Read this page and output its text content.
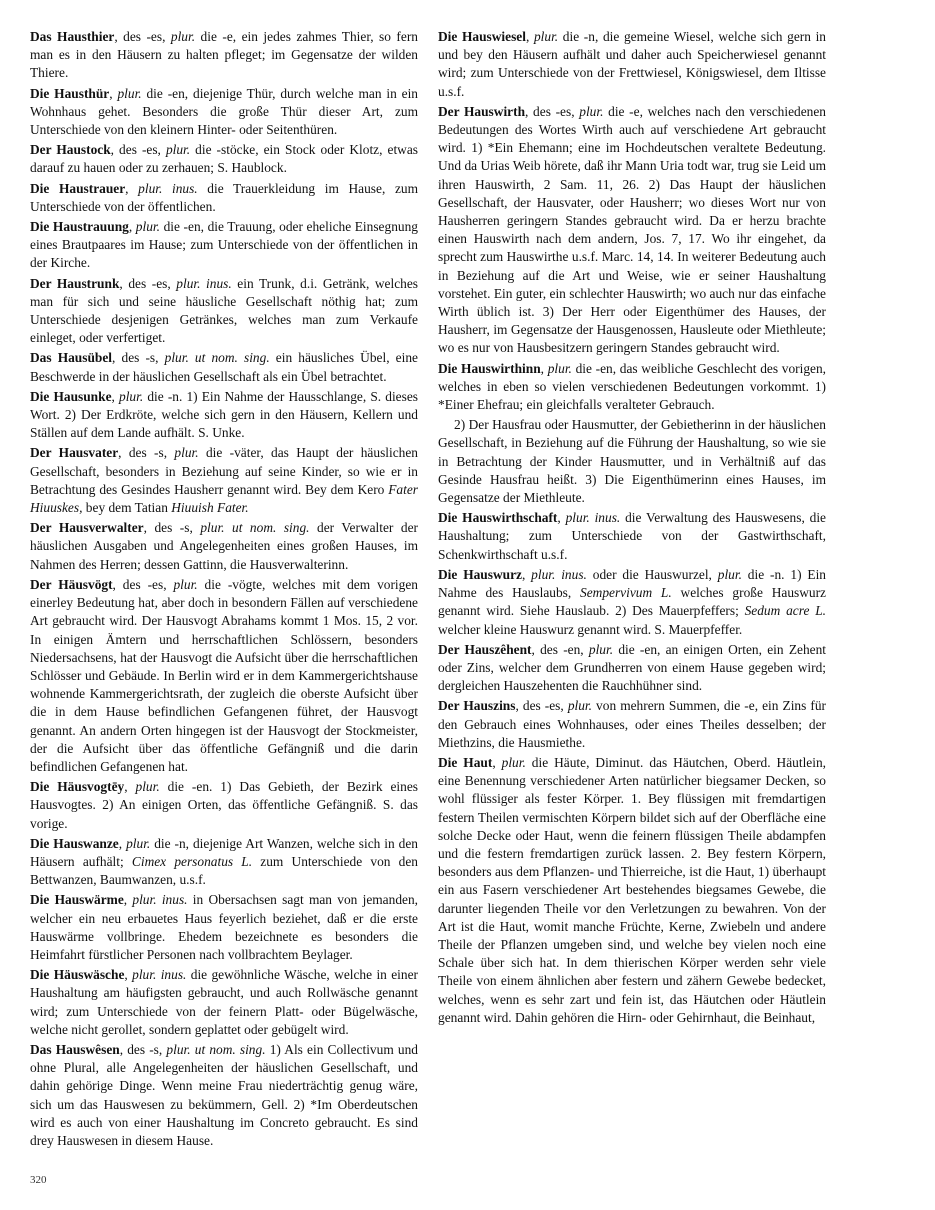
Das Hausthier, des -es, plur. die -e, ein jedes zahmes Thier, so fern man es in den Häusern zu halten pfleget; im Gegensatze der wilden Thiere.

Die Hausthür, plur. die -en, diejenige Thür, durch welche man in ein Wohnhaus gehet. Besonders die große Thür dieser Art, zum Unterschiede von den kleinern Hinter- oder Seitenthüren.

Der Haustock, des -es, plur. die -stöcke, ein Stock oder Klotz, etwas darauf zu hauen oder zu zerhauen; S. Haublock.

Die Haustrauer, plur. inus. die Trauerkleidung im Hause, zum Unterschiede von der öffentlichen.

Die Haustrauung, plur. die -en, die Trauung, oder eheliche Einsegnung eines Brautpaares im Hause; zum Unterschiede von der öffentlichen in der Kirche.

Der Haustrunk, des -es, plur. inus. ein Trunk, d.i. Getränk, welches man für sich und seine häusliche Gesellschaft nöthig hat; zum Unterschiede desjenigen Getränkes, welches man zum Verkaufe einleget, oder verfertiget.

Das Hausübel, des -s, plur. ut nom. sing. ein häusliches Übel, eine Beschwerde in der häuslichen Gesellschaft als ein Übel betrachtet.

Die Hausunke, plur. die -n. 1) Ein Nahme der Hausschlange, S. dieses Wort. 2) Der Erdkröte, welche sich gern in den Häusern, Kellern und Ställen auf dem Lande aufhält. S. Unke.

Der Hausvater, des -s, plur. die -väter, das Haupt der häuslichen Gesellschaft, besonders in Beziehung auf seine Kinder, so wie er in Betrachtung des Gesindes Hausherr genannt wird. Bey dem Kero Fater Hiuuskes, bey dem Tatian Hiuuish Fater.

Der Hausverwalter, des -s, plur. ut nom. sing. der Verwalter der häuslichen Ausgaben und Angelegenheiten eines großen Hauses, im Nahmen des Herren; dessen Gattinn, die Hausverwalterinn.

Der Häusvögt, des -es, plur. die -vögte, welches mit dem vorigen einerley Bedeutung hat, aber doch in besondern Fällen auf verschiedene Art gebraucht wird. Der Hausvogt Abrahams kommt 1 Mos. 15, 2 vor. In einigen Ämtern und herrschaftlichen Schlössern, besonders Niedersachsens, hat der Hausvogt die Aufsicht über die herrschaftlichen Schlösser und Gebäude. In Berlin wird er in dem Kammergerichtshause wohnende Kammergerichtsrath, der zugleich die oberste Aufsicht über die in dem Hause befindlichen Gefangenen führet, der Hausvogt genannt. An andern Orten hingegen ist der Hausvogt der Stockmeister, der die Aufsicht über das öffentliche Gefängniß und die darin befindlichen Gefangenen hat.

Die Häusvogtēy, plur. die -en. 1) Das Gebieth, der Bezirk eines Hausvogtes. 2) An einigen Orten, das öffentliche Gefängniß. S. das vorige.

Die Hauswanze, plur. die -n, diejenige Art Wanzen, welche sich in den Häusern aufhält; Cimex personatus L. zum Unterschiede von den Bettwanzen, Baumwanzen, u.s.f.

Die Hauswärme, plur. inus. in Obersachsen sagt man von jemanden, welcher ein neu erbauetes Haus feyerlich beziehet, daß er die erste Hauswärme vollbringe. Ehedem bezeichnete es besonders die Heimfahrt fürstlicher Personen nach vollbrachtem Beylager.

Die Häuswäsche, plur. inus. die gewöhnliche Wäsche, welche in einer Haushaltung am häufigsten gebraucht, und auch Rollwäsche genannt wird; zum Unterschiede von der feinern Platt- oder Bügelwäsche, welche nicht gerollet, sondern geplattet oder gebügelt wird.

Das Hauswêsen, des -s, plur. ut nom. sing. 1) Als ein Collectivum und ohne Plural, alle Angelegenheiten der häuslichen Gesellschaft, und dahin gehörige Dinge. Wenn meine Frau niederträchtig genug wäre, sich um das Hauswesen zu bekümmern, Gell. 2) *Im Oberdeutschen wird es auch von einer Haushaltung im Concreto gebraucht. Es sind drey Hauswesen in diesem Hause.

Die Hauswiesel, plur. die -n, die gemeine Wiesel, welche sich gern in und bey den Häusern aufhält und daher auch Speicherwiesel genannt wird; zum Unterschiede von der Frettwiesel, Königswiesel, dem Iltisse u.s.f.

Der Hauswirth, des -es, plur. die -e, welches nach den verschiedenen Bedeutungen des Wortes Wirth auch auf verschiedene Art gebraucht wird. 1) *Ein Ehemann; eine im Hochdeutschen veraltete Bedeutung. Und da Urias Weib hörete, daß ihr Mann Uria todt war, trug sie Leid um ihren Hauswirth, 2 Sam. 11, 26. 2) Das Haupt der häuslichen Gesellschaft, der Hausvater, oder Hausherr; wo dieses Wort nur von Hausherren geringern Standes gebraucht wird. Da er herzu brachte einen Hauswirth nach dem andern, Jos. 7, 17. Wo ihr eingehet, da sprecht zum Hauswirthe u.s.f. Marc. 14, 14. In weiterer Bedeutung auch in Beziehung auf die Art und Weise, wie er seiner Haushaltung vorstehet. Ein guter, ein schlechter Hauswirth; wo auch nur das einfache Wirth üblich ist. 3) Der Herr oder Eigenthümer des Hauses, der Hausherr, im Gegensatze der Hausgenossen, Hausleute oder Miethleute; wo es nur von Hausbesitzern geringern Standes gebraucht wird.

Die Hauswirthinn, plur. die -en, das weibliche Geschlecht des vorigen, welches in eben so vielen verschiedenen Bedeutungen vorkommt. 1) *Einer Ehefrau; ein gleichfalls veralteter Gebrauch.

2) Der Hausfrau oder Hausmutter, der Gebietherinn in der häuslichen Gesellschaft, in Beziehung auf die Führung der Haushaltung, so wie sie in Betrachtung der Kinder Hausmutter, und in Verhältniß auf das Gesinde Hausfrau heißt. 3) Die Eigenthümerinn eines Hauses, im Gegensatze der Miethleute.

Die Hauswirthschaft, plur. inus. die Verwaltung des Hauswesens, die Haushaltung; zum Unterschiede von der Gastwirthschaft, Schenkwirthschaft u.s.f.

Die Hauswurz, plur. inus. oder die Hauswurzel, plur. die -n. 1) Ein Nahme des Hauslaubs, Sempervivum L. welches große Hauswurz genannt wird. Siehe Hauslaub. 2) Des Mauerpfeffers; Sedum acre L. welcher kleine Hauswurz genannt wird. S. Mauerpfeffer.

Der Hauszêhent, des -en, plur. die -en, an einigen Orten, ein Zehent oder Zins, welcher dem Grundherren von einem Hause gegeben wird; dergleichen Hauszehenten die Rauchhühner sind.

Der Hauszins, des -es, plur. von mehrern Summen, die -e, ein Zins für den Gebrauch eines Wohnhauses, oder eines Theiles desselben; der Miethzins, die Hausmiethe.

Die Haut, plur. die Häute, Diminut. das Häutchen, Oberd. Häutlein, eine Benennung verschiedener Arten natürlicher biegsamer Decken, so wohl flüssiger als fester Körper. 1. Bey flüssigen mit fremdartigen festern Theilen vermischten Körpern bildet sich auf der Oberfläche eine solche Decke oder Haut, wenn die feinern flüssigen Theile abdampfen und die festern fremdartigen zurück lassen. 2. Bey festern Körpern, besonders aus dem Pflanzen- und Thierreiche, ist die Haut, 1) überhaupt ein aus Fasern verschiedener Art bestehendes biegsames Gewebe, die darunter liegenden Theile vor den Verletzungen zu bewahren. Von der Art ist die Haut, womit manche Früchte, Kerne, Zwiebeln und andere Theile der Pflanzen umgeben sind, und welche bey vielen noch eine Schale über sich hat. In dem thierischen Körper werden sehr viele Theile von einem ähnlichen aber festern und zähern Gewebe bedecket, welches, wenn es sehr zart und fein ist, das Häutchen oder Häutlein genannt wird. Dahin gehören die Hirn- oder Gehirnhaut, die Beinhaut,

320
